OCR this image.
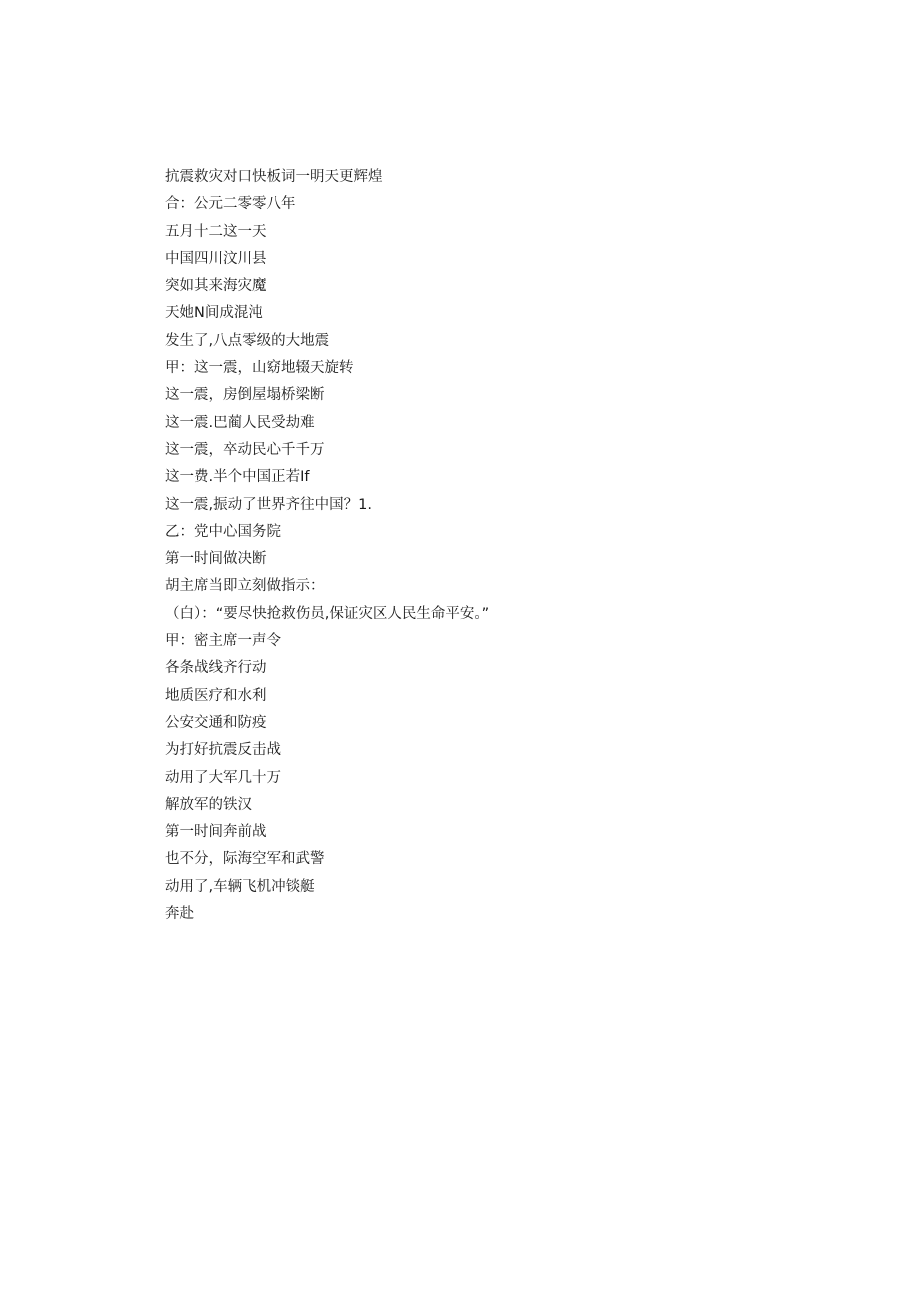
抗震救灾对口快板词一明天更辉煌
合：公元二零零八年
五月十二这一天
中国四川汶川县
突如其来海灾魔
天她N间成混沌
发生了,八点零级的大地震
甲：这一震，山窈地辍天旋转
这一震，房倒屋塌桥梁断
这一震.巴蔺人民受劫难
这一震，卒动民心千千万
这一费.半个中国正若If
这一震,振动了世界齐往中国？1.
乙：党中心国务院
第一时间做决断
胡主席当即立刻做指示：
（白）：“要尽快抢救伤员,保证灾区人民生命平安。”
甲：密主席一声令
各条战线齐行动
地质医疗和水利
公安交通和防疫
为打好抗震反击战
动用了大军几十万
解放军的铁汉
第一时间奔前战
也不分，际海空军和武警
动用了,车辆飞机冲锬艇
奔赴
